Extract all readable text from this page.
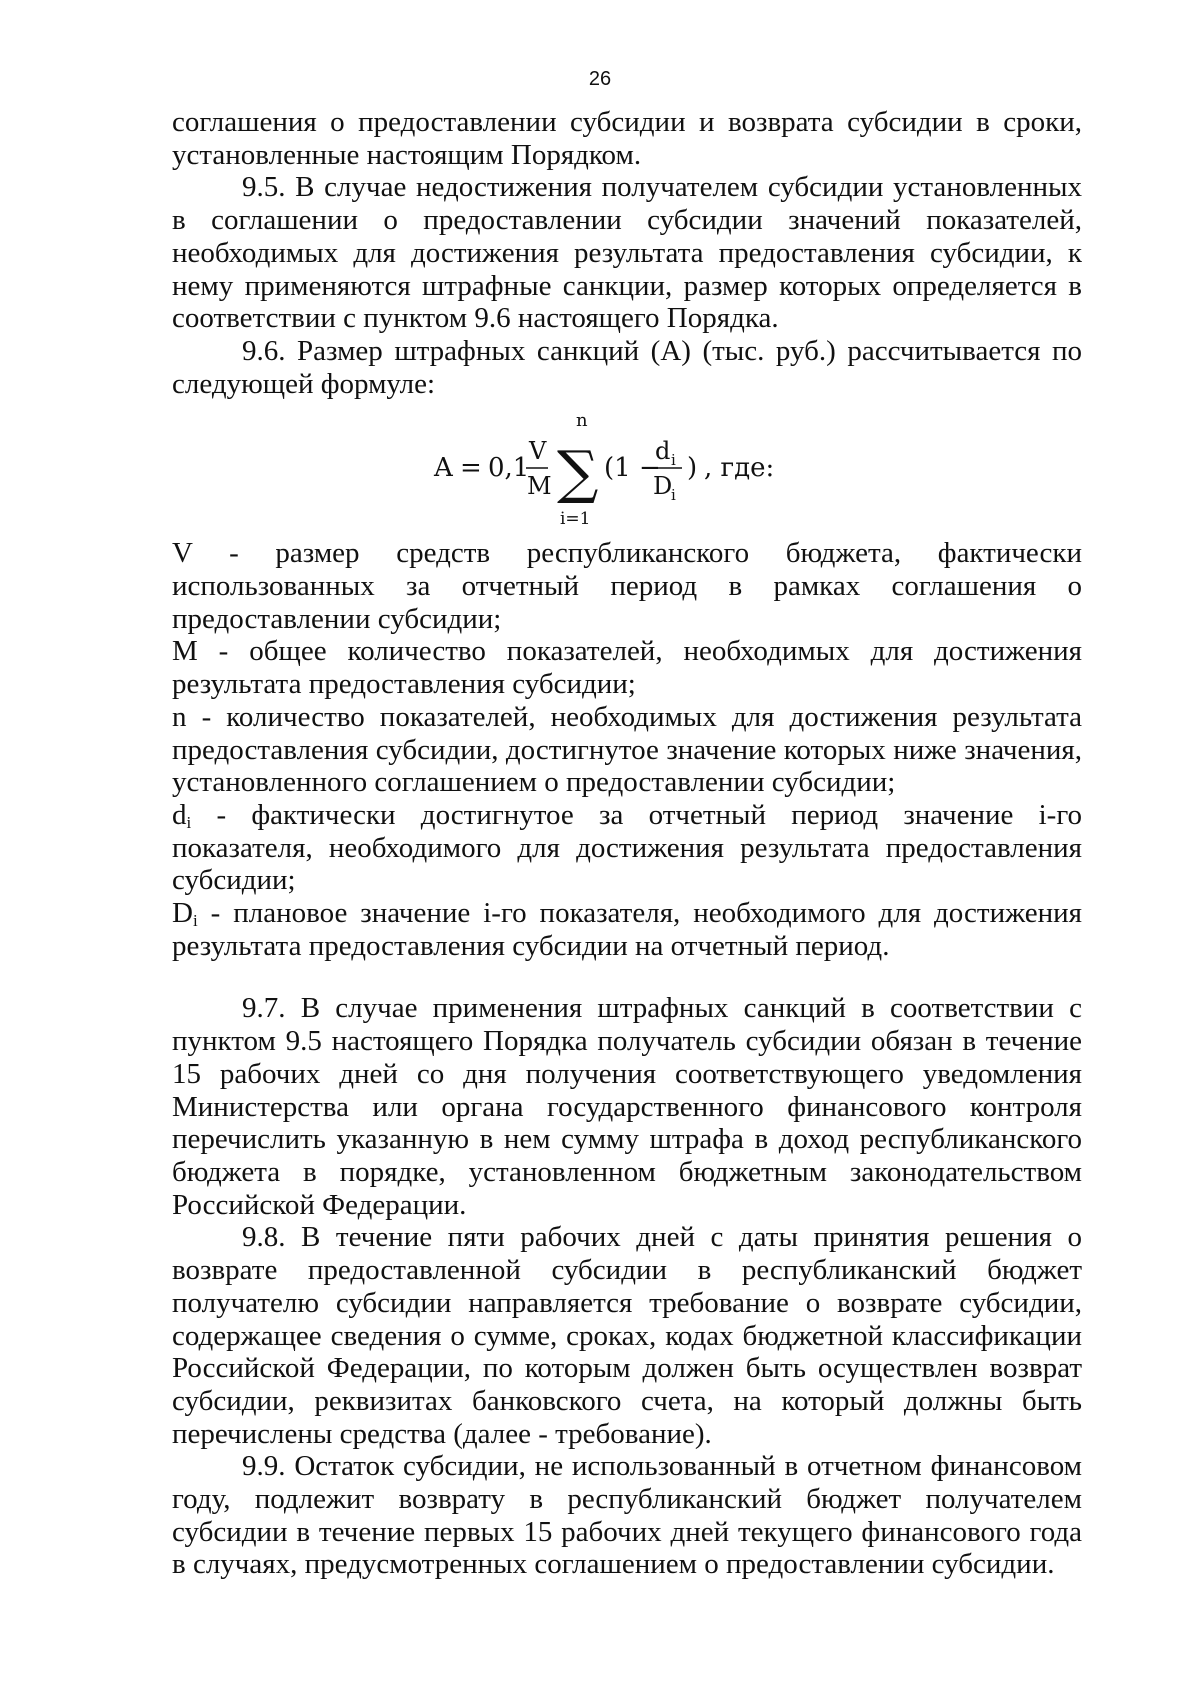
26

соглашения о предоставлении субсидии и возврата субсидии в сроки, установленные настоящим Порядком.

9.5. В случае недостижения получателем субсидии установленных в соглашении о предоставлении субсидии значений показателей, необходимых для достижения результата предоставления субсидии, к нему применяются штрафные санкции, размер которых определяется в соответствии с пунктом 9.6 настоящего Порядка.

9.6. Размер штрафных санкций (А) (тыс. руб.) рассчитывается по следующей формуле:

A = 0,1
V
M
n
∑
i=1
(1 −
d i
D
i
) , где:

V - размер средств республиканского бюджета, фактически использованных за отчетный период в рамках соглашения о предоставлении субсидии;

M - общее количество показателей, необходимых для достижения результата предоставления субсидии;

n - количество показателей, необходимых для достижения результата предоставления субсидии, достигнутое значение которых ниже значения, установленного соглашением о предоставлении субсидии;

$d_i$ - фактически достигнутое за отчетный период значение i-го показателя, необходимого для достижения результата предоставления субсидии;

$D_i$ - плановое значение i-го показателя, необходимого для достижения результата предоставления субсидии на отчетный период.

9.7. В случае применения штрафных санкций в соответствии с пунктом 9.5 настоящего Порядка получатель субсидии обязан в течение 15 рабочих дней со дня получения соответствующего уведомления Министерства или органа государственного финансового контроля перечислить указанную в нем сумму штрафа в доход республиканского бюджета в порядке, установленном бюджетным законодательством Российской Федерации.

9.8. В течение пяти рабочих дней с даты принятия решения о возврате предоставленной субсидии в республиканский бюджет получателю субсидии направляется требование о возврате субсидии, содержащее сведения о сумме, сроках, кодах бюджетной классификации Российской Федерации, по которым должен быть осуществлен возврат субсидии, реквизитах банковского счета, на который должны быть перечислены средства (далее - требование).

9.9. Остаток субсидии, не использованный в отчетном финансовом году, подлежит возврату в республиканский бюджет получателем субсидии в течение первых 15 рабочих дней текущего финансового года в случаях, предусмотренных соглашением о предоставлении субсидии.
